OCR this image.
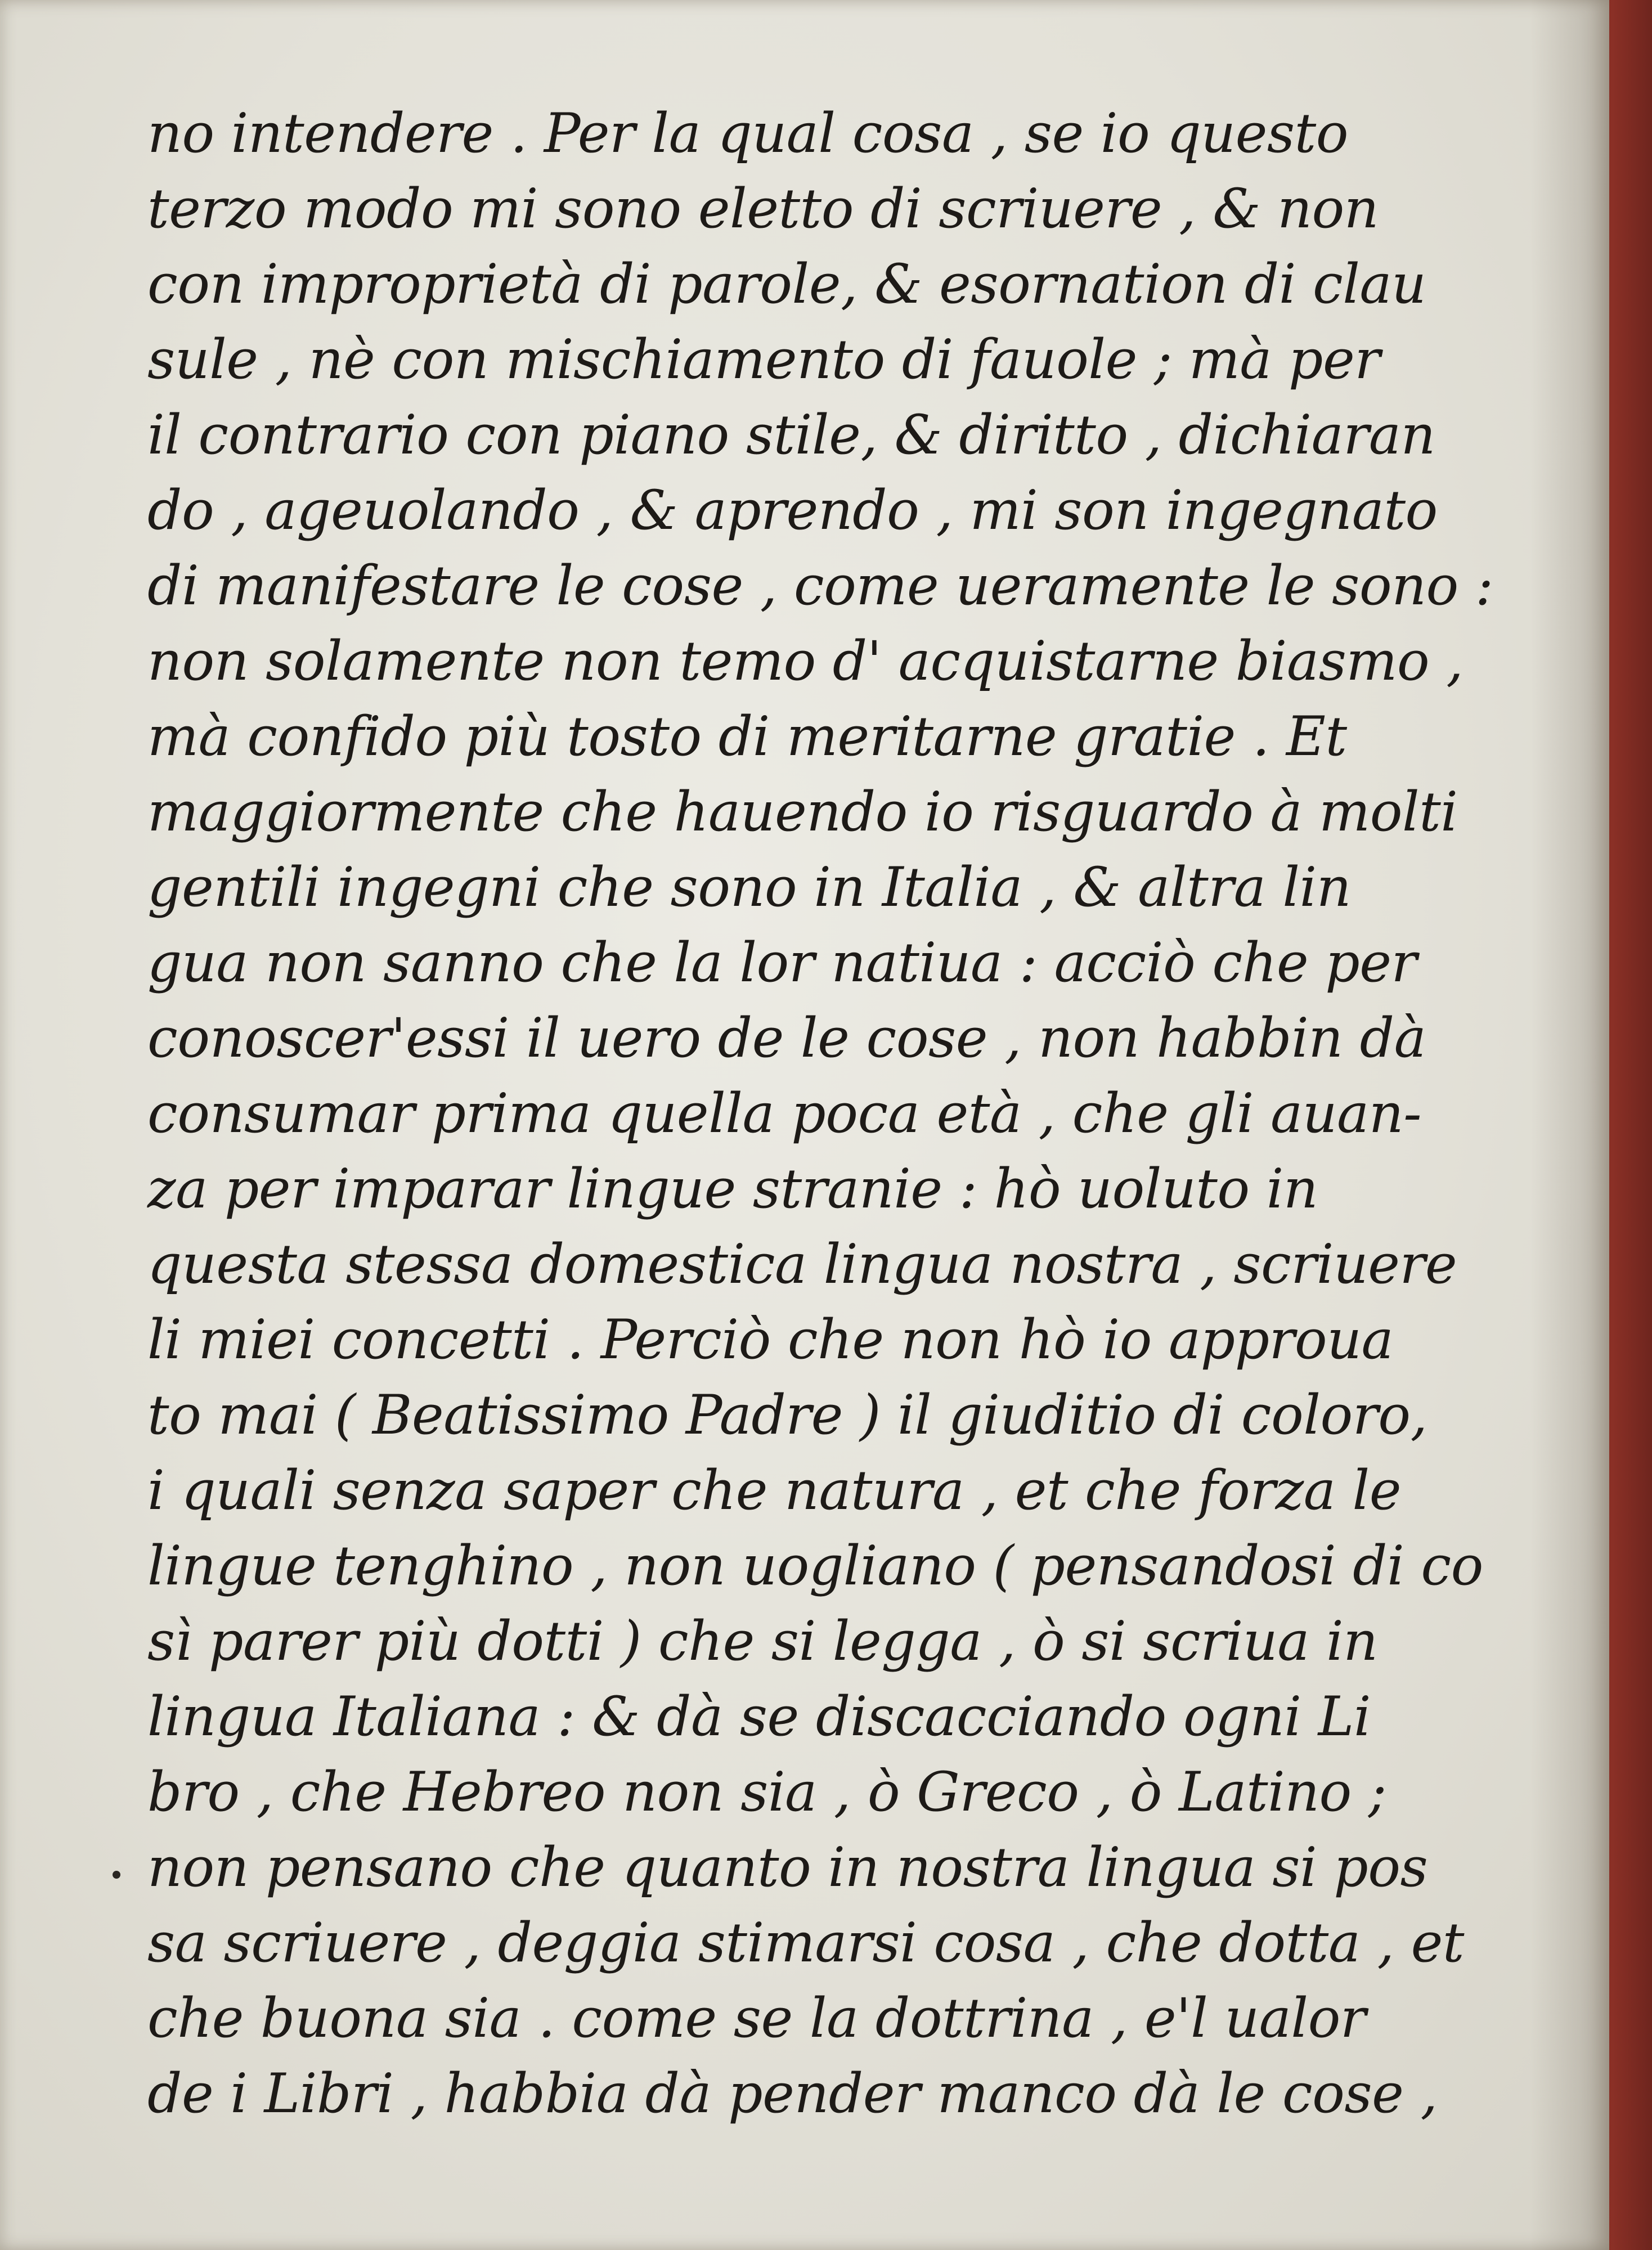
no intendere . Per la qual cosa , se io questo
terzo modo mi sono eletto di scriuere , & non
con improprietà di parole, & esornation di clau
sule , nè con mischiamento di fauole ; mà per
il contrario con piano stile, & diritto , dichiaran
do , ageuolando , & aprendo , mi son ingegnato
di manifestare le cose , come ueramente le sono :
non solamente non temo d' acquistarne biasmo ,
mà confido più tosto di meritarne gratie . Et
maggiormente che hauendo io risguardo à molti
gentili ingegni che sono in Italia , & altra lin
gua non sanno che la lor natiua : acciò che per
conoscer'essi il uero de le cose , non habbin dà
consumar prima quella poca età , che gli auan-
za per imparar lingue stranie : hò uoluto in
questa stessa domestica lingua nostra , scriuere
li miei concetti . Perciò che non hò io approua
to mai ( Beatissimo Padre ) il giuditio di coloro,
i quali senza saper che natura , et che forza le
lingue tenghino , non uogliano ( pensandosi di co
sì parer più dotti ) che si legga , ò si scriua in
lingua Italiana : & dà se discacciando ogni Li
bro , che Hebreo non sia , ò Greco , ò Latino ;
non pensano che quanto in nostra lingua si pos
sa scriuere , deggia stimarsi cosa , che dotta , et
che buona sia . come se la dottrina , e'l ualor
de i Libri , habbia dà pender manco dà le cose ,
